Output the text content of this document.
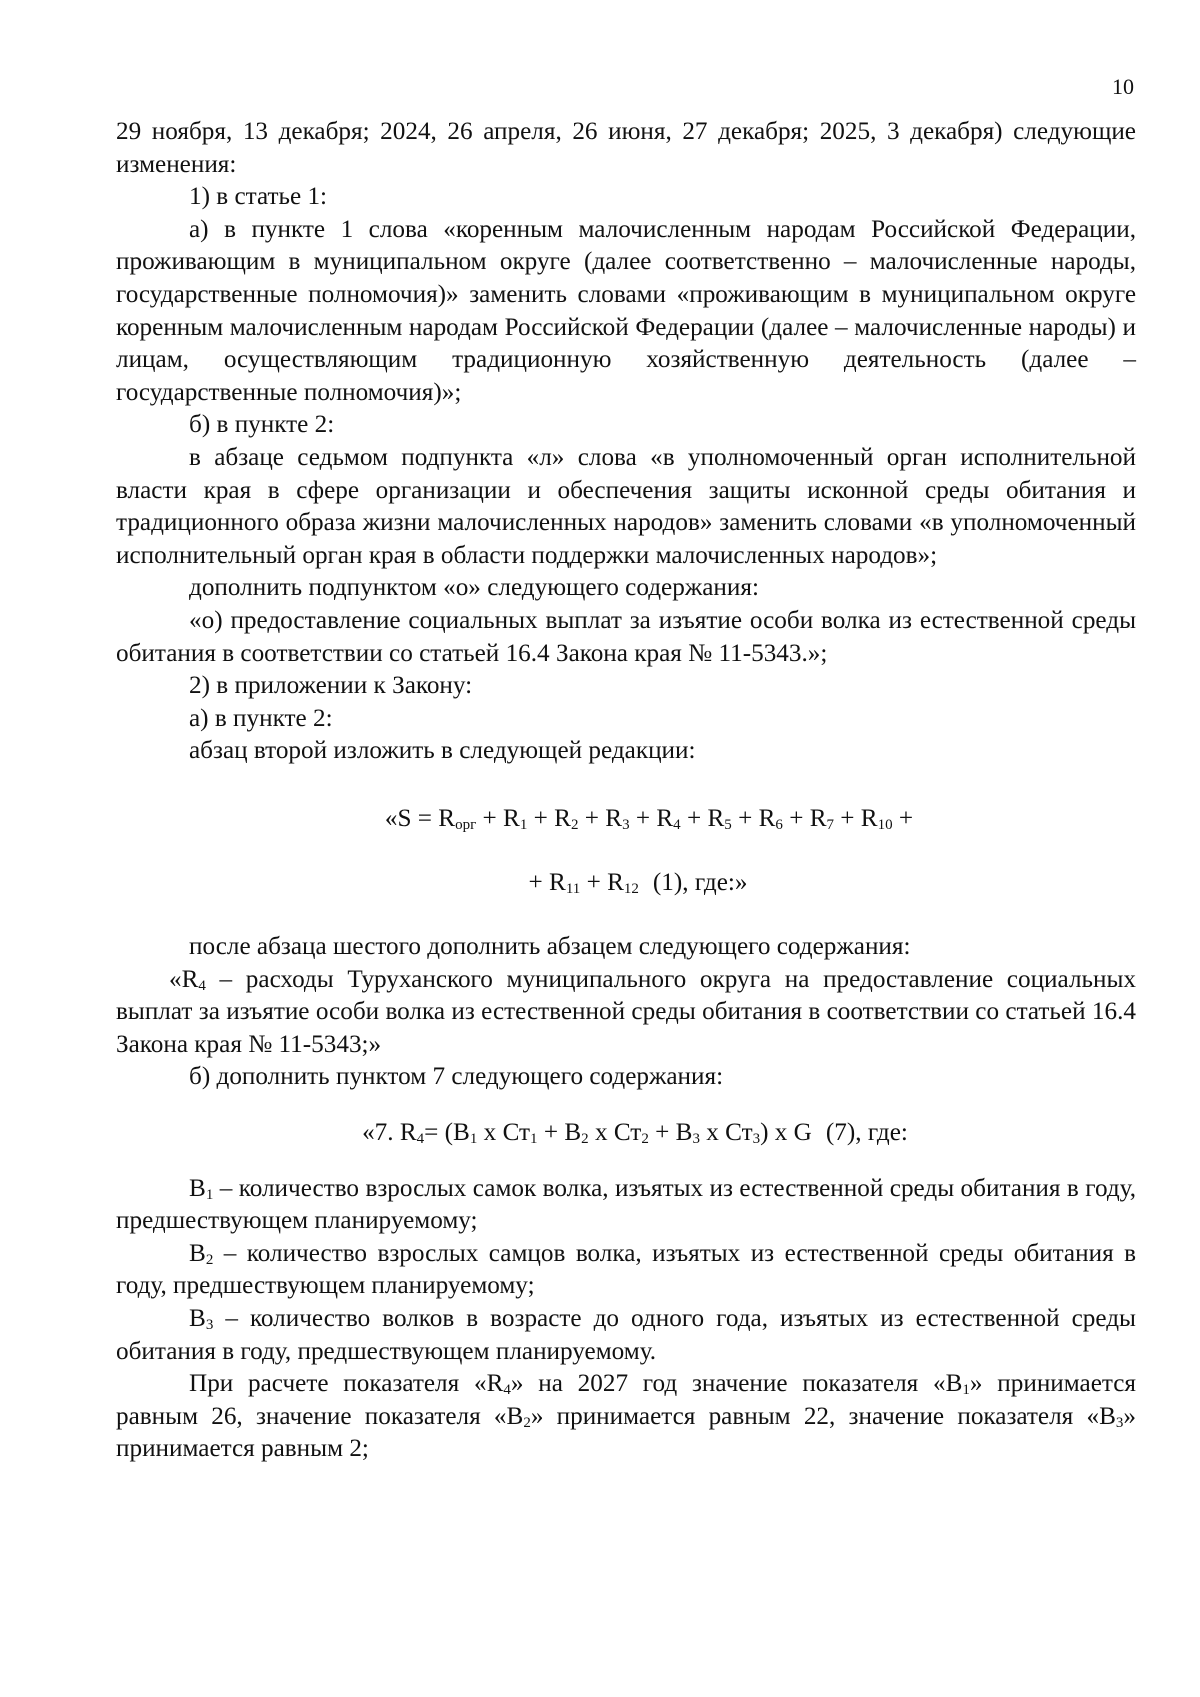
10

29 ноября, 13 декабря; 2024, 26 апреля, 26 июня, 27 декабря; 2025, 3 декабря) следующие изменения:

1) в статье 1:

а) в пункте 1 слова «коренным малочисленным народам Российской Федерации, проживающим в муниципальном округе (далее соответственно – малочисленные народы, государственные полномочия)» заменить словами «проживающим в муниципальном округе коренным малочисленным народам Российской Федерации (далее – малочисленные народы) и лицам, осуществляющим традиционную хозяйственную деятельность (далее – государственные полномочия)»;

б) в пункте 2:

в абзаце седьмом подпункта «л» слова «в уполномоченный орган исполнительной власти края в сфере организации и обеспечения защиты исконной среды обитания и традиционного образа жизни малочисленных народов» заменить словами «в уполномоченный исполнительный орган края в области поддержки малочисленных народов»;

дополнить подпунктом «о» следующего содержания:

«о) предоставление социальных выплат за изъятие особи волка из естественной среды обитания в соответствии со статьей 16.4 Закона края № 11-5343.»;

2) в приложении к Закону:

а) в пункте 2:

абзац второй изложить в следующей редакции:

«$S = R_{орг} + R_1 + R_2 + R_3 + R_4 + R_5 + R_6 + R_7 + R_{10}$ +

+ $R_{11} + R_{12}$ (1), где:»

после абзаца шестого дополнить абзацем следующего содержания:

«$R_4$ – расходы Туруханского муниципального округа на предоставление социальных выплат за изъятие особи волка из естественной среды обитания в соответствии со статьей 16.4 Закона края № 11-5343;»

б) дополнить пунктом 7 следующего содержания:

«7. $R_4= (В_1$ х $Ст_1 + В_2$ х $Ст_2 + В_3$ х $Ст_3$) х G (7), где:

$В_1$ – количество взрослых самок волка, изъятых из естественной среды обитания в году, предшествующем планируемому;

$В_2$ – количество взрослых самцов волка, изъятых из естественной среды обитания в году, предшествующем планируемому;

$В_3$ – количество волков в возрасте до одного года, изъятых из естественной среды обитания в году, предшествующем планируемому.

При расчете показателя «$R_4$» на 2027 год значение показателя «$В_1$» принимается равным 26, значение показателя «$В_2$» принимается равным 22, значение показателя «$В_3$» принимается равным 2;
